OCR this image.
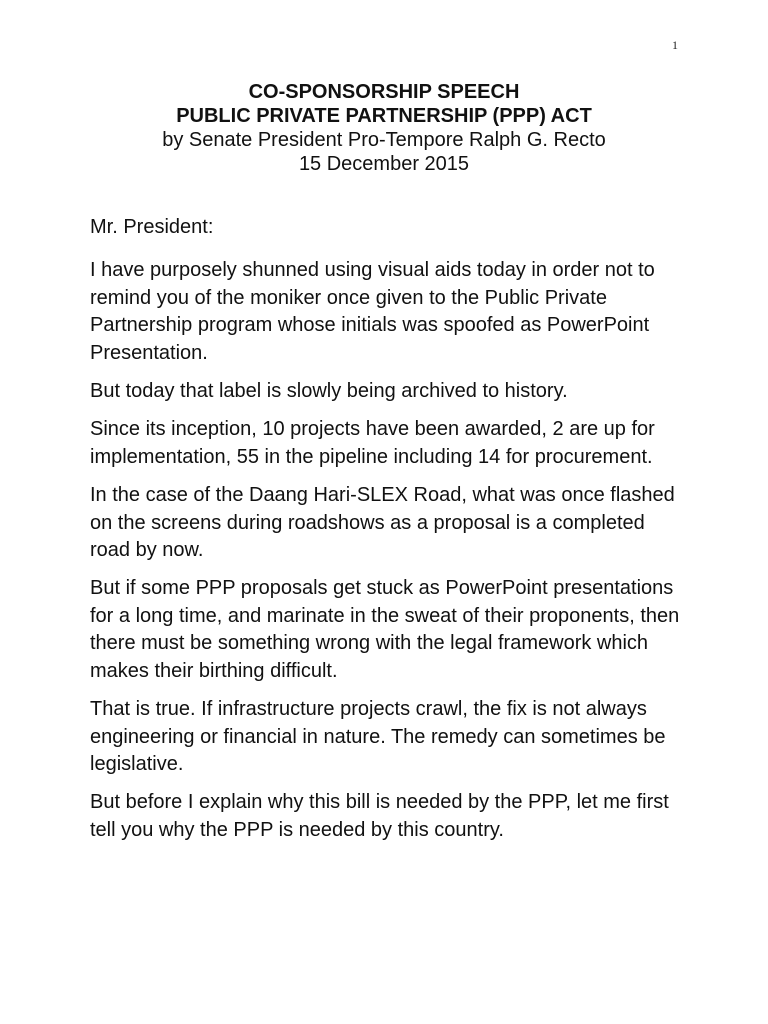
1

CO-SPONSORSHIP SPEECH

PUBLIC PRIVATE PARTNERSHIP (PPP) ACT

by Senate President Pro-Tempore Ralph G. Recto

15 December 2015

Mr. President:

I have purposely shunned using visual aids today in order not to remind you of the moniker once given to the Public Private Partnership program whose initials was spoofed as PowerPoint Presentation.

But today that label is slowly being archived to history.

Since its inception, 10 projects have been awarded, 2 are up for implementation, 55 in the pipeline including 14 for procurement.

In the case of the Daang Hari-SLEX Road, what was once flashed on the screens during roadshows as a proposal is a completed road by now.

But if some PPP proposals get stuck as PowerPoint presentations for a long time, and marinate in the sweat of their proponents, then there must be something wrong with the legal framework which makes their birthing difficult.

That is true. If infrastructure projects crawl, the fix is not always engineering or financial in nature. The remedy can sometimes be legislative.

But before I explain why this bill is needed by the PPP, let me first tell you why the PPP is needed by this country.
